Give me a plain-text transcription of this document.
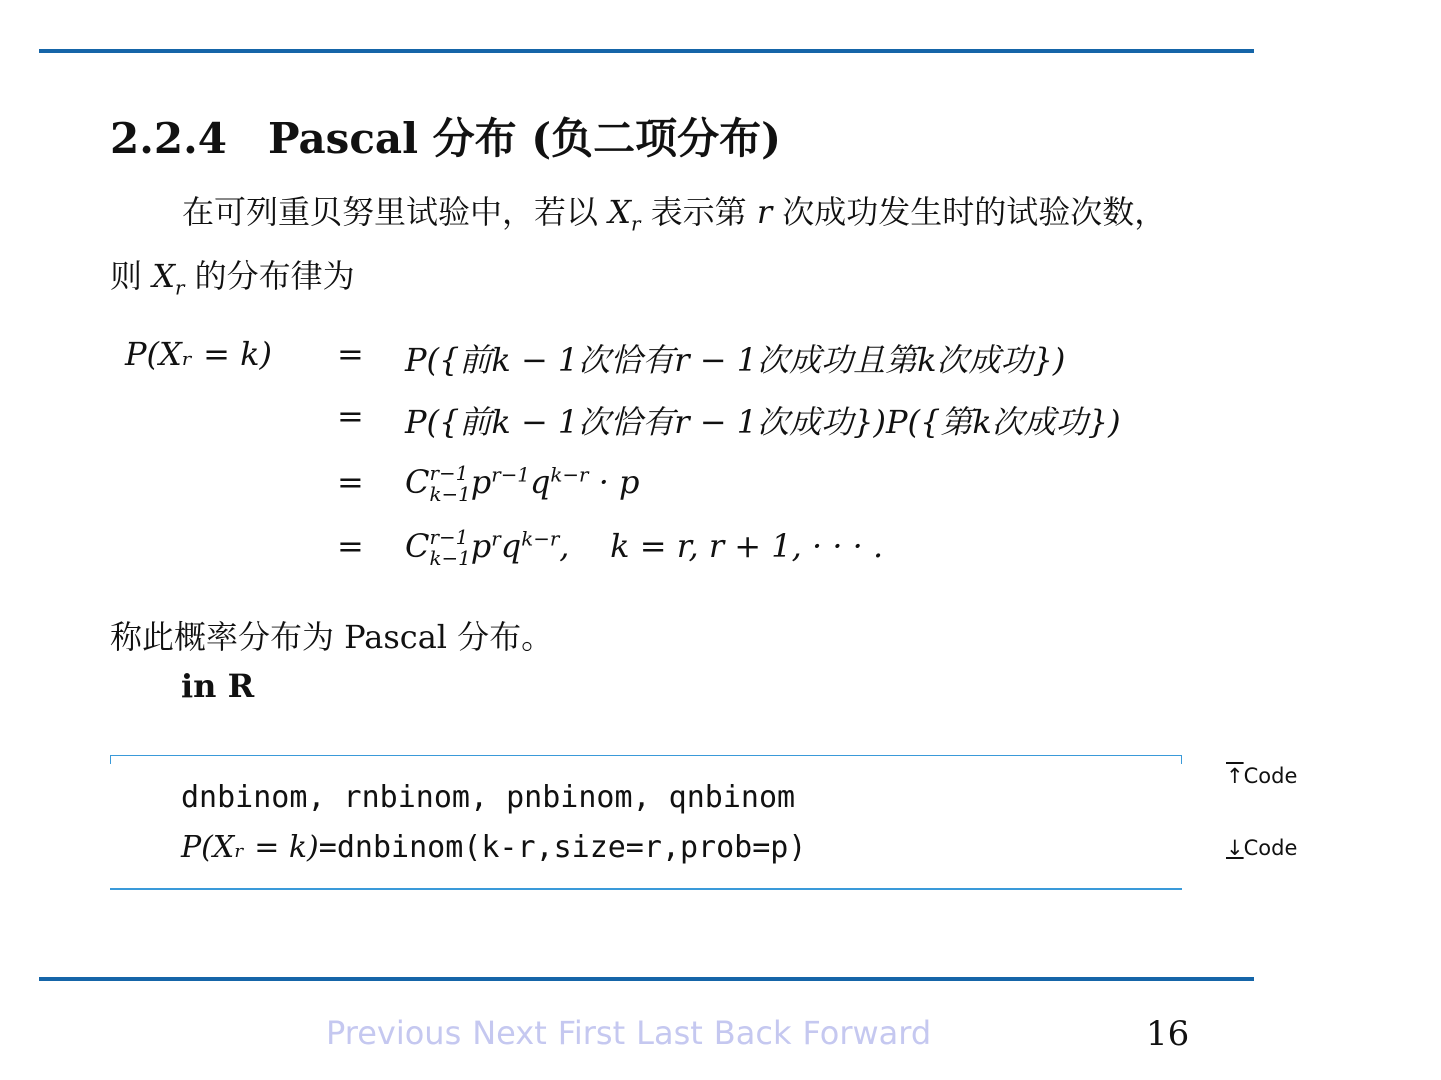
2.2.4 Pascal 分布 (负二项分布)

在可列重贝努里试验中，若以 $X_r$ 表示第 r 次成功发生时的试验次数，则 $X_r$ 的分布律为

P(Xᵣ = k) = P({前k − 1次恰有r − 1次成功且第k次成功})
= P({前k − 1次恰有r − 1次成功})P({第k次成功})
= C r−1
k−1 $p^{r-1}q^{k-r} \cdot p$
= C r−1
k−1 $p^rq^{k-r}$,    k = r, r + 1, · · · .

称此概率分布为 Pascal 分布。

in R
dnbinom, rnbinom, pnbinom, qnbinom
P(Xᵣ = k)=dnbinom(k-r,size=r,prob=p)
↑Code
↓Code
Previous Next First Last Back Forward	16
